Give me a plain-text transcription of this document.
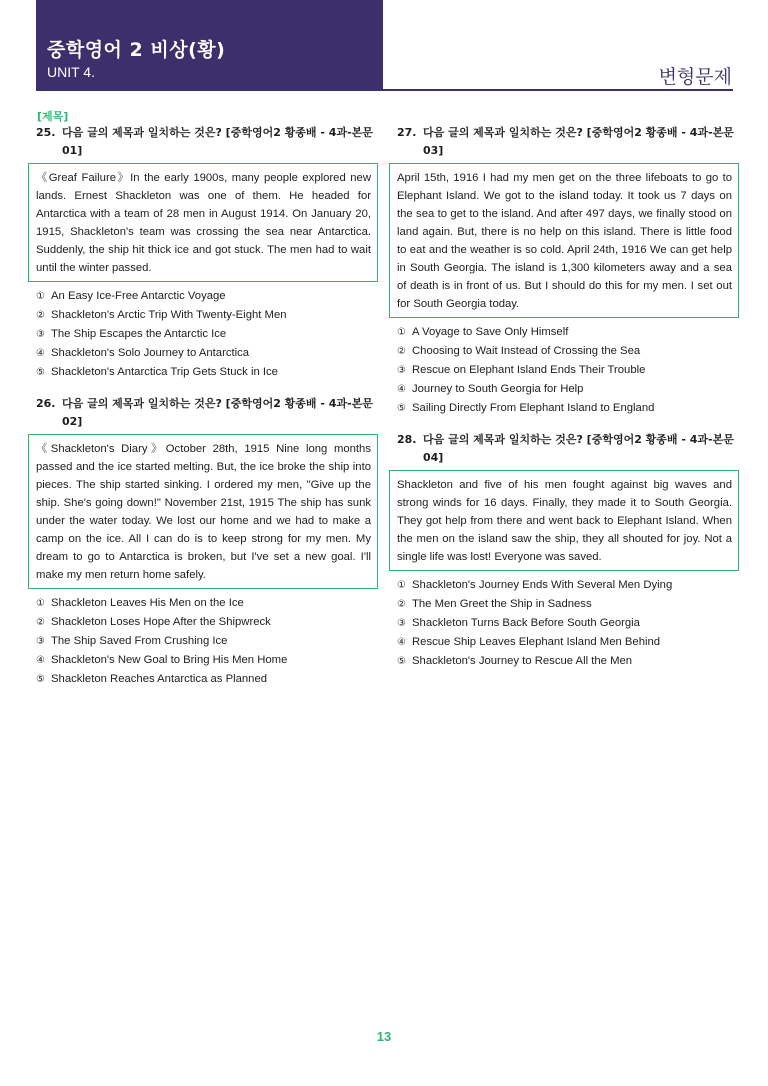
중학영어 2 비상(황)
UNIT 4.	변형문제
[제목]
25. 다음 글의 제목과 일치하는 것은? [중학영어2 황종배 - 4과-본문
01]
《Greaf Failure》In the early 1900s, many people explored new lands. Ernest Shackleton was one of them. He headed for Antarctica with a team of 28 men in August 1914. On January 20, 1915, Shackleton's team was crossing the sea near Antarctica. Suddenly, the ship hit thick ice and got stuck. The men had to wait until the winter passed.
① An Easy Ice-Free Antarctic Voyage
② Shackleton's Arctic Trip With Twenty-Eight Men
③ The Ship Escapes the Antarctic Ice
④ Shackleton's Solo Journey to Antarctica
⑤ Shackleton's Antarctica Trip Gets Stuck in Ice
26. 다음 글의 제목과 일치하는 것은? [중학영어2 황종배 - 4과-본문
02]
《Shackleton's Diary》October 28th, 1915 Nine long months passed and the ice started melting. But, the ice broke the ship into pieces. The ship started sinking. I ordered my men, "Give up the ship. She's going down!" November 21st, 1915 The ship has sunk under the water today. We lost our home and we had to make a camp on the ice. All I can do is to keep strong for my men. My dream to go to Antarctica is broken, but I've set a new goal. I'll make my men return home safely.
① Shackleton Leaves His Men on the Ice
② Shackleton Loses Hope After the Shipwreck
③ The Ship Saved From Crushing Ice
④ Shackleton's New Goal to Bring His Men Home
⑤ Shackleton Reaches Antarctica as Planned
27. 다음 글의 제목과 일치하는 것은? [중학영어2 황종배 - 4과-본문
03]
April 15th, 1916 I had my men get on the three lifeboats to go to Elephant Island. We got to the island today. It took us 7 days on the sea to get to the island. And after 497 days, we finally stood on land again. But, there is no help on this island. There is little food to eat and the weather is so cold. April 24th, 1916 We can get help in South Georgia. The island is 1,300 kilometers away and a sea of death is in front of us. But I should do this for my men. I set out for South Georgia today.
① A Voyage to Save Only Himself
② Choosing to Wait Instead of Crossing the Sea
③ Rescue on Elephant Island Ends Their Trouble
④ Journey to South Georgia for Help
⑤ Sailing Directly From Elephant Island to England
28. 다음 글의 제목과 일치하는 것은? [중학영어2 황종배 - 4과-본문
04]
Shackleton and five of his men fought against big waves and strong winds for 16 days. Finally, they made it to South Georgia. They got help from there and went back to Elephant Island. When the men on the island saw the ship, they all shouted for joy. Not a single life was lost! Everyone was saved.
① Shackleton's Journey Ends With Several Men Dying
② The Men Greet the Ship in Sadness
③ Shackleton Turns Back Before South Georgia
④ Rescue Ship Leaves Elephant Island Men Behind
⑤ Shackleton's Journey to Rescue All the Men
13
